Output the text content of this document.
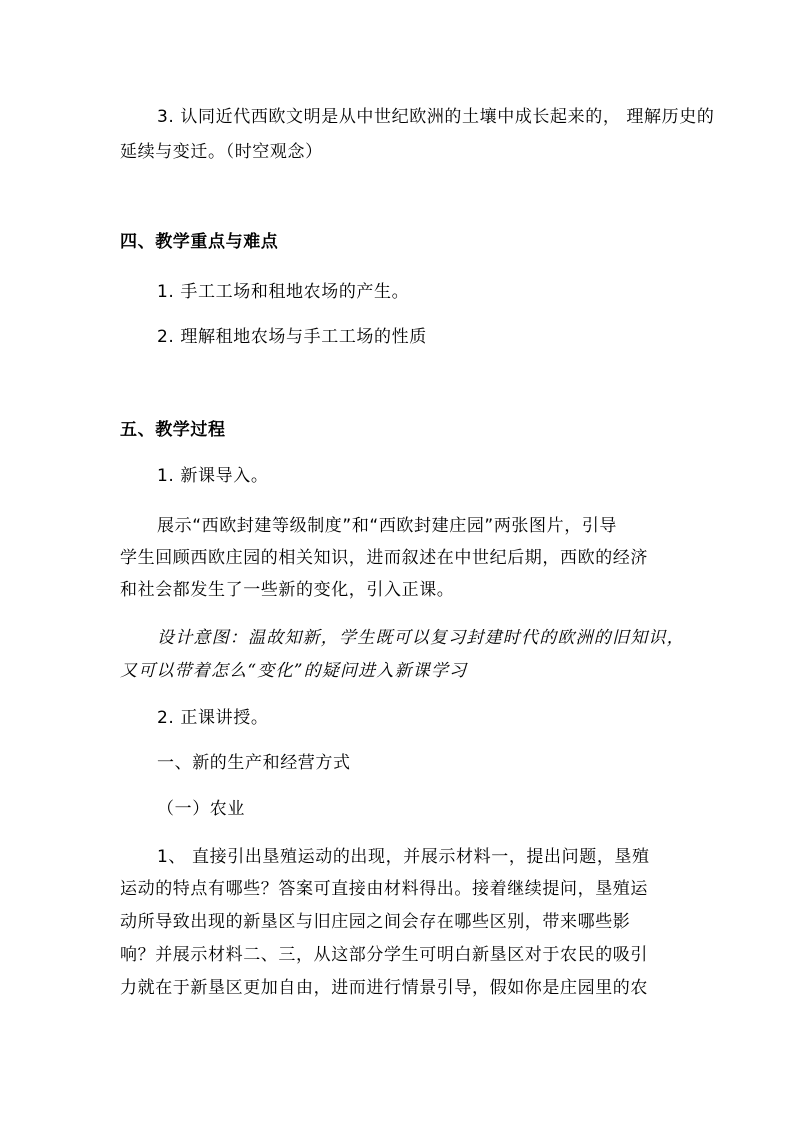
3. 认同近代西欧文明是从中世纪欧洲的土壤中成长起来的， 理解历史的
延续与变迁。（时空观念）
四、教学重点与难点
1. 手工工场和租地农场的产生。
2. 理解租地农场与手工工场的性质
五、教学过程
1. 新课导入。
展示“西欧封建等级制度”和“西欧封建庄园”两张图片，引导
学生回顾西欧庄园的相关知识，进而叙述在中世纪后期，西欧的经济
和社会都发生了一些新的变化，引入正课。
设计意图：温故知新，学生既可以复习封建时代的欧洲的旧知识，
又可以带着怎么“变化”的疑问进入新课学习
2. 正课讲授。
一、新的生产和经营方式
（一）农业
1、 直接引出垦殖运动的出现，并展示材料一，提出问题，垦殖
运动的特点有哪些？答案可直接由材料得出。接着继续提问，垦殖运
动所导致出现的新垦区与旧庄园之间会存在哪些区别，带来哪些影
响？并展示材料二、三，从这部分学生可明白新垦区对于农民的吸引
力就在于新垦区更加自由，进而进行情景引导，假如你是庄园里的农
